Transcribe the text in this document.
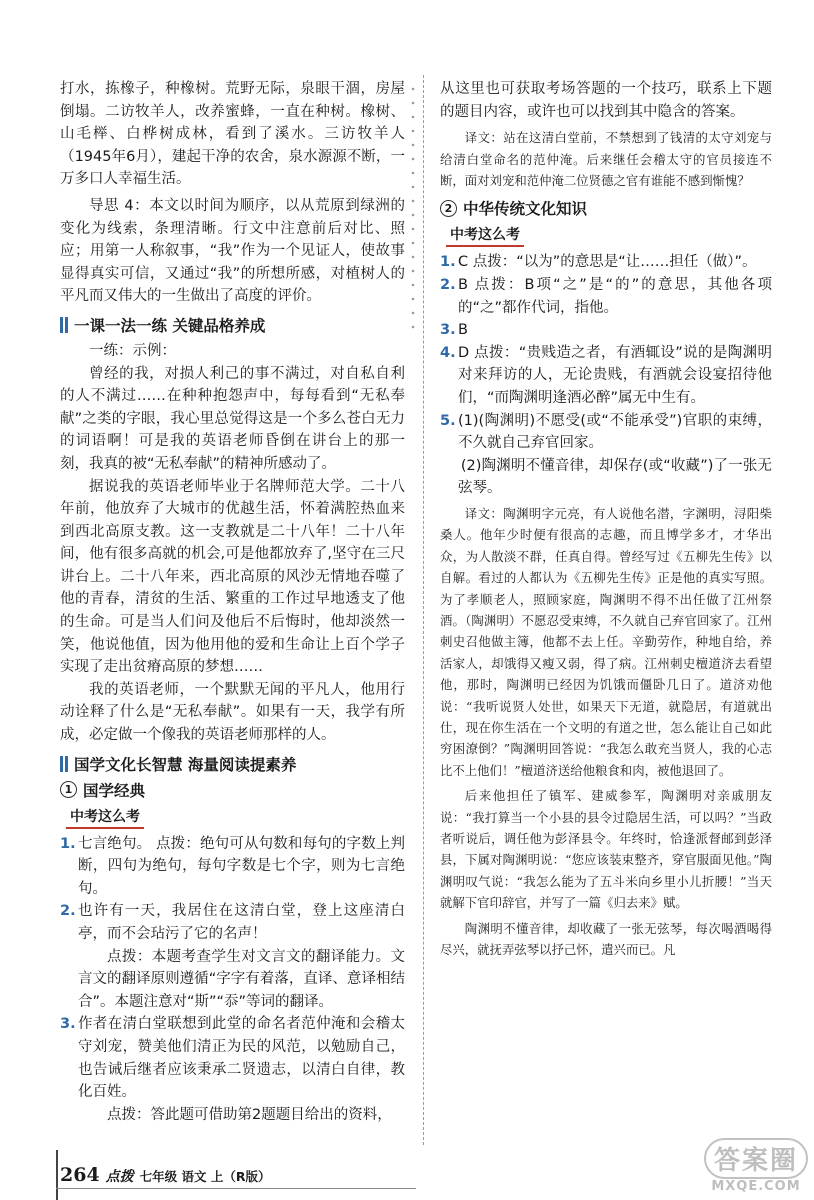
打水，拣橡子，种橡树。荒野无际，泉眼干涸，房屋倒塌。二访牧羊人，改养蜜蜂，一直在种树。橡树、山毛榉、白桦树成林，看到了溪水。三访牧羊人（1945年6月），建起干净的农舍，泉水源源不断，一万多口人幸福生活。

导思 4：本文以时间为顺序，以从荒原到绿洲的变化为线索，条理清晰。行文中注意前后对比、照应；用第一人称叙事，“我”作为一个见证人，使故事显得真实可信，又通过“我”的所想所感，对植树人的平凡而又伟大的一生做出了高度的评价。

一课一法一练 关键品格养成

一练：示例：

曾经的我，对损人利己的事不满过，对自私自利的人不满过……在种种抱怨声中，每每看到“无私奉献”之类的字眼，我心里总觉得这是一个多么苍白无力的词语啊！可是我的英语老师昏倒在讲台上的那一刻，我真的被“无私奉献”的精神所感动了。

据说我的英语老师毕业于名牌师范大学。二十八年前，他放弃了大城市的优越生活，怀着满腔热血来到西北高原支教。这一支教就是二十八年！二十八年间，他有很多高就的机会,可是他都放弃了,坚守在三尺讲台上。二十八年来，西北高原的风沙无情地吞噬了他的青春，清贫的生活、繁重的工作过早地透支了他的生命。可是当人们问及他后不后悔时，他却淡然一笑，他说他值，因为他用他的爱和生命让上百个学子实现了走出贫瘠高原的梦想……

我的英语老师，一个默默无闻的平凡人，他用行动诠释了什么是“无私奉献”。如果有一天，我学有所成，必定做一个像我的英语老师那样的人。

国学文化长智慧 海量阅读提素养
1 国学经典
中考这么考
1. 七言绝句。 点拨：绝句可从句数和每句的字数上判断，四句为绝句，每句字数是七个字，则为七言绝句。
2. 也许有一天，我居住在这清白堂，登上这座清白亭，而不会玷污了它的名声！

点拨：本题考查学生对文言文的翻译能力。文言文的翻译原则遵循“字字有着落，直译、意译相结合”。本题注意对“斯”“忝”等词的翻译。

3. 作者在清白堂联想到此堂的命名者范仲淹和会稽太守刘宠，赞美他们清正为民的风范，以勉励自己，也告诫后继者应该秉承二贤遗志，以清白自律，教化百姓。

点拨：答此题可借助第2题题目给出的资料，

从这里也可获取考场答题的一个技巧，联系上下题的题目内容，或许也可以找到其中隐含的答案。

译文：站在这清白堂前，不禁想到了钱清的太守刘宠与给清白堂命名的范仲淹。后来继任会稽太守的官员接连不断，面对刘宠和范仲淹二位贤德之官有谁能不感到惭愧？

2 中华传统文化知识
中考这么考
1. C 点拨：“以为”的意思是“让……担任（做）”。
2. B 点拨：B项“之”是“的”的意思，其他各项的“之”都作代词，指他。
3. B
4. D 点拨：“贵贱造之者，有酒辄设”说的是陶渊明对来拜访的人，无论贵贱，有酒就会设宴招待他们，“而陶渊明逢酒必醉”属无中生有。
5. (1)(陶渊明)不愿受(或“不能承受”)官职的束缚，不久就自己弃官回家。

(2)陶渊明不懂音律，却保存(或“收藏”)了一张无弦琴。

译文：陶渊明字元亮，有人说他名潜，字渊明，浔阳柴桑人。他年少时便有很高的志趣，而且博学多才，才华出众，为人散淡不群，任真自得。曾经写过《五柳先生传》以自解。看过的人都认为《五柳先生传》正是他的真实写照。为了孝顺老人，照顾家庭，陶渊明不得不出任做了江州祭酒。（陶渊明）不愿忍受束缚，不久就自己弃官回家了。江州刺史召他做主簿，他都不去上任。辛勤劳作，种地自给，养活家人，却饿得又瘦又弱，得了病。江州刺史檀道济去看望他，那时，陶渊明已经因为饥饿而僵卧几日了。道济劝他说：“我听说贤人处世，如果天下无道，就隐居，有道就出仕，现在你生活在一个文明的有道之世，怎么能让自己如此穷困潦倒？”陶渊明回答说：“我怎么敢充当贤人，我的心志比不上他们！”檀道济送给他粮食和肉，被他退回了。

后来他担任了镇军、建威参军，陶渊明对亲戚朋友说：“我打算当一个小县的县令过隐居生活，可以吗？”当政者听说后，调任他为彭泽县令。年终时，恰逢派督邮到彭泽县，下属对陶渊明说：“您应该装束整齐，穿官服面见他。”陶渊明叹气说：“我怎么能为了五斗米向乡里小儿折腰！”当天就解下官印辞官，并写了一篇《归去来》赋。

陶渊明不懂音律，却收藏了一张无弦琴，每次喝酒喝得尽兴，就抚弄弦琴以抒己怀，遣兴而已。凡

264 点拨 七年级 语文 上（R版）
答案圈
MXQE.COM
